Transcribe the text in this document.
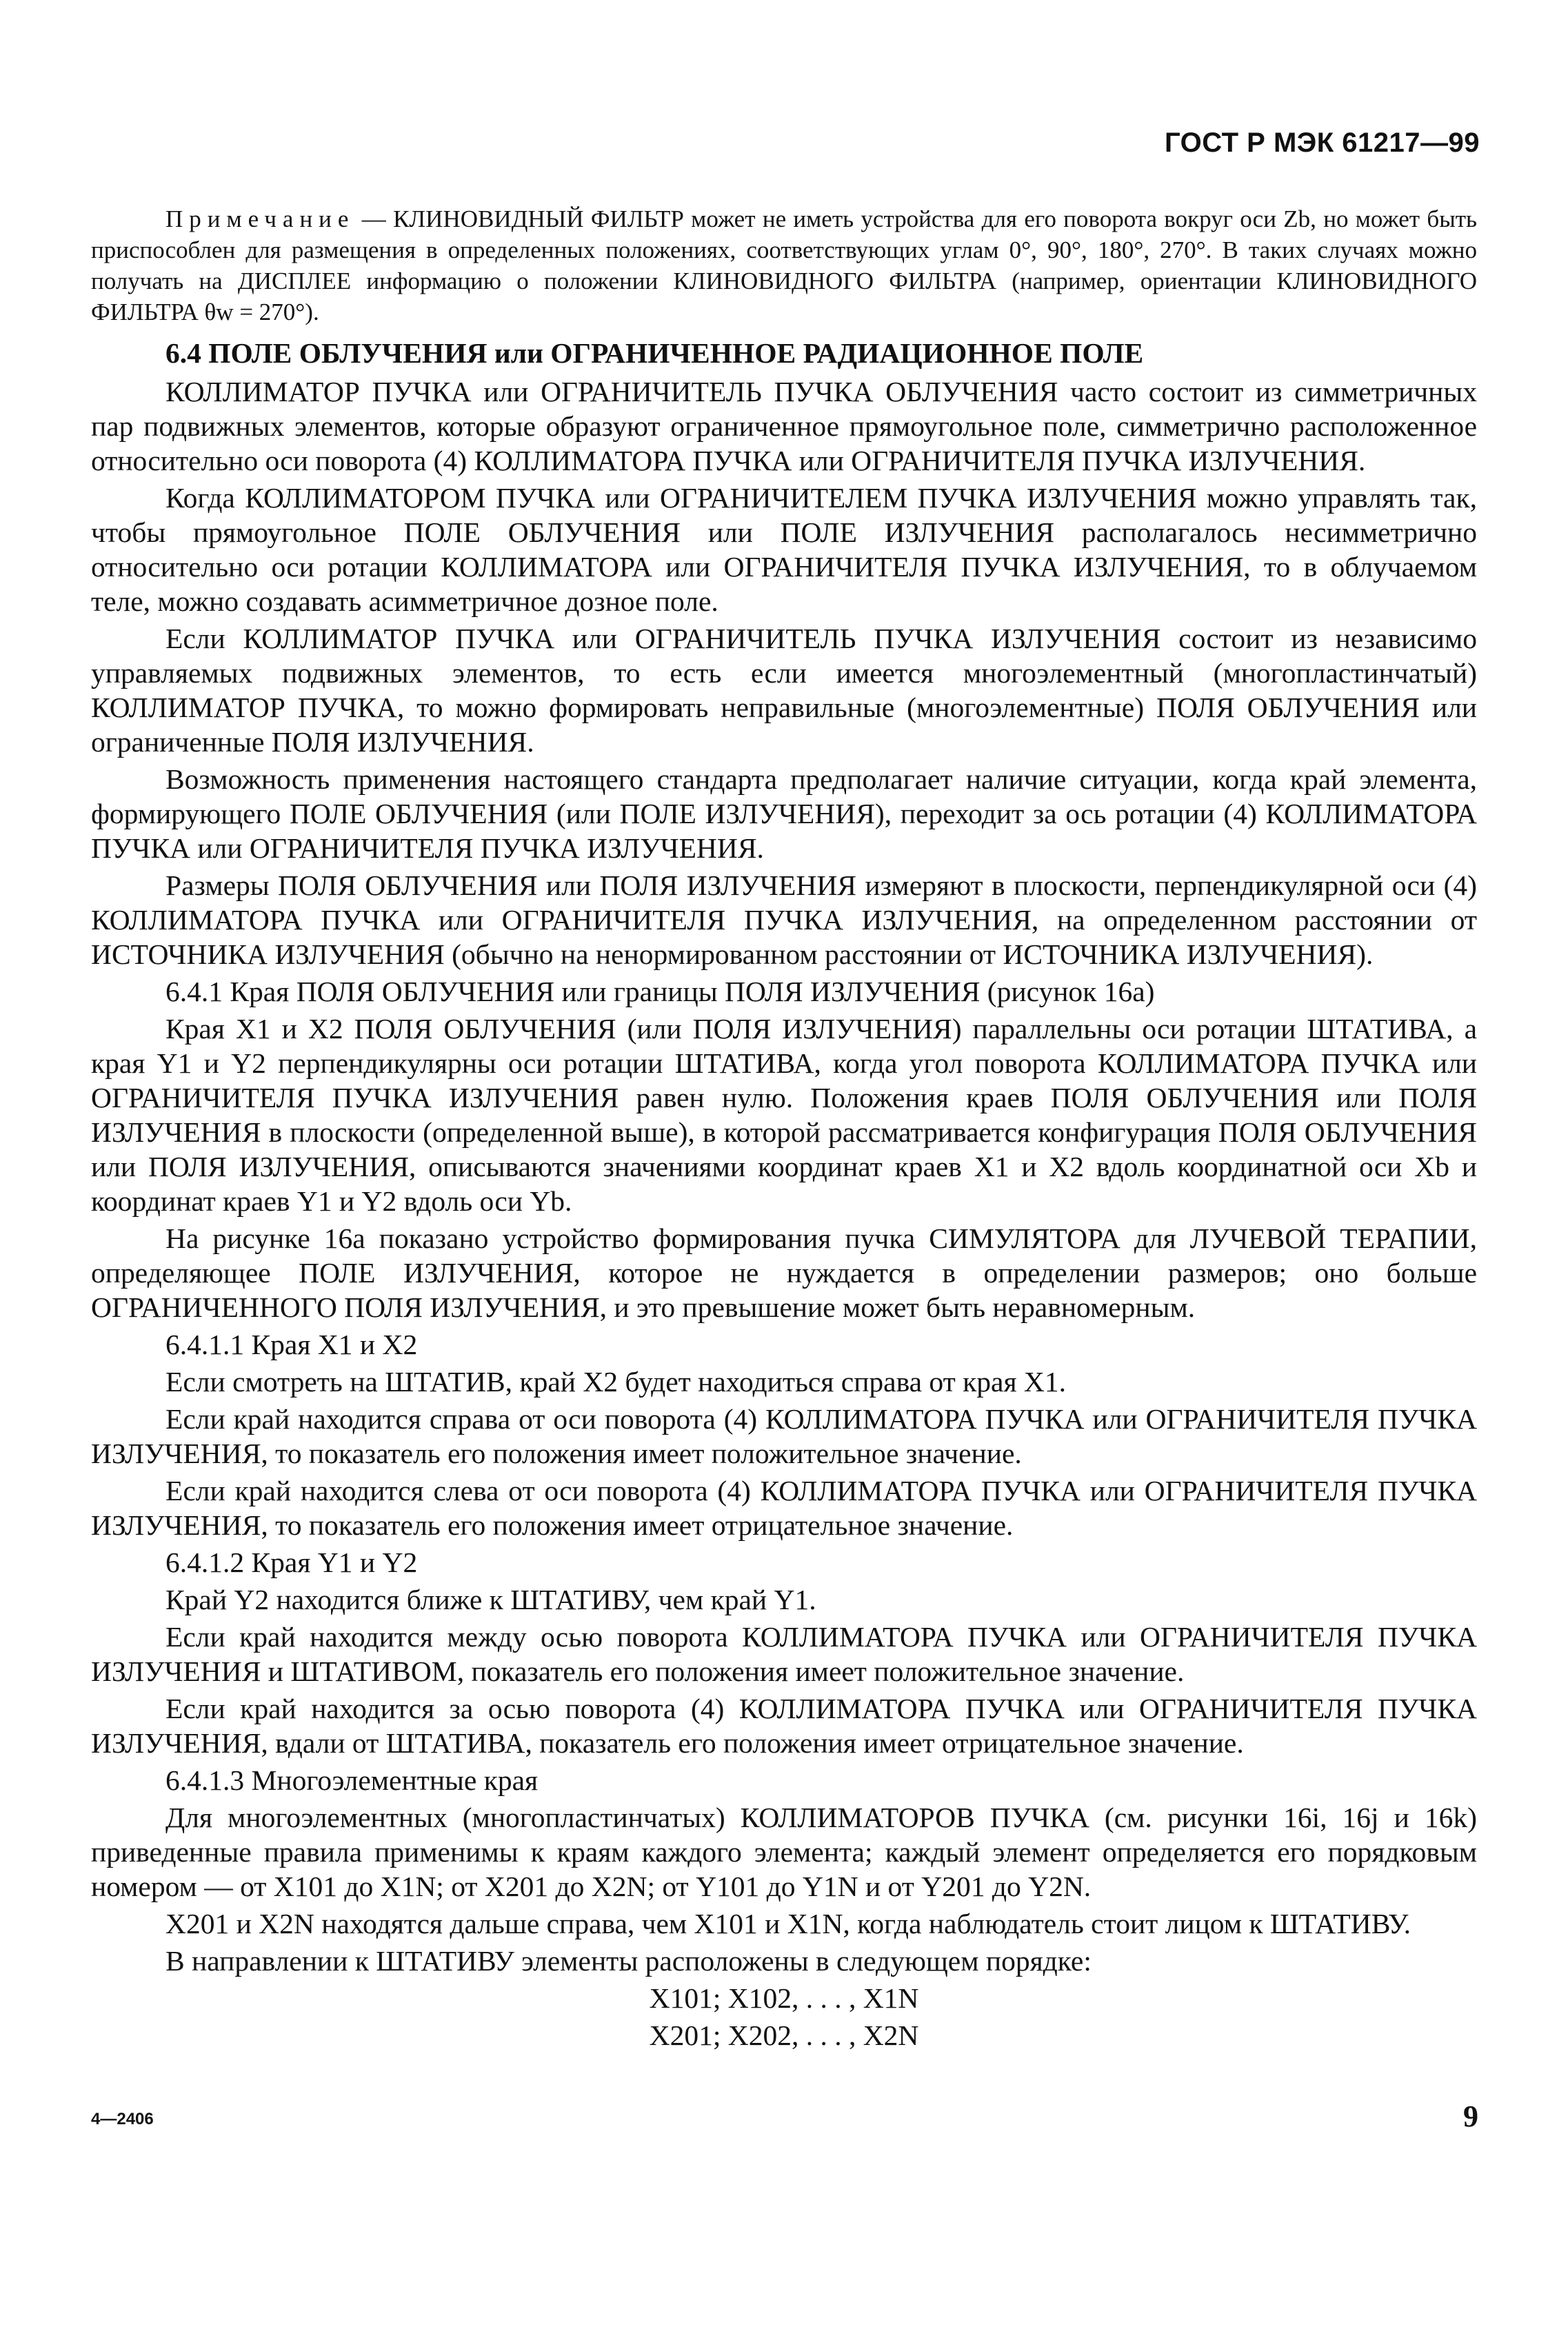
ГОСТ Р МЭК 61217—99

Примечание — КЛИНОВИДНЫЙ ФИЛЬТР может не иметь устройства для его поворота вокруг оси Zb, но может быть приспособлен для размещения в определенных положениях, соответствующих углам 0°, 90°, 180°, 270°. В таких случаях можно получать на ДИСПЛЕЕ информацию о положении КЛИНОВИДНОГО ФИЛЬТРА (например, ориентации КЛИНОВИДНОГО ФИЛЬТРА θw = 270°).

6.4 ПОЛЕ ОБЛУЧЕНИЯ или ОГРАНИЧЕННОЕ РАДИАЦИОННОЕ ПОЛЕ

КОЛЛИМАТОР ПУЧКА или ОГРАНИЧИТЕЛЬ ПУЧКА ОБЛУЧЕНИЯ часто состоит из симметричных пар подвижных элементов, которые образуют ограниченное прямоугольное поле, симметрично расположенное относительно оси поворота (4) КОЛЛИМАТОРА ПУЧКА или ОГРАНИЧИТЕЛЯ ПУЧКА ИЗЛУЧЕНИЯ.

Когда КОЛЛИМАТОРОМ ПУЧКА или ОГРАНИЧИТЕЛЕМ ПУЧКА ИЗЛУЧЕНИЯ можно управлять так, чтобы прямоугольное ПОЛЕ ОБЛУЧЕНИЯ или ПОЛЕ ИЗЛУЧЕНИЯ располагалось несимметрично относительно оси ротации КОЛЛИМАТОРА или ОГРАНИЧИТЕЛЯ ПУЧКА ИЗЛУЧЕНИЯ, то в облучаемом теле, можно создавать асимметричное дозное поле.

Если КОЛЛИМАТОР ПУЧКА или ОГРАНИЧИТЕЛЬ ПУЧКА ИЗЛУЧЕНИЯ состоит из независимо управляемых подвижных элементов, то есть если имеется многоэлементный (многопластинчатый) КОЛЛИМАТОР ПУЧКА, то можно формировать неправильные (многоэлементные) ПОЛЯ ОБЛУЧЕНИЯ или ограниченные ПОЛЯ ИЗЛУЧЕНИЯ.

Возможность применения настоящего стандарта предполагает наличие ситуации, когда край элемента, формирующего ПОЛЕ ОБЛУЧЕНИЯ (или ПОЛЕ ИЗЛУЧЕНИЯ), переходит за ось ротации (4) КОЛЛИМАТОРА ПУЧКА или ОГРАНИЧИТЕЛЯ ПУЧКА ИЗЛУЧЕНИЯ.

Размеры ПОЛЯ ОБЛУЧЕНИЯ или ПОЛЯ ИЗЛУЧЕНИЯ измеряют в плоскости, перпендикулярной оси (4) КОЛЛИМАТОРА ПУЧКА или ОГРАНИЧИТЕЛЯ ПУЧКА ИЗЛУЧЕНИЯ, на определенном расстоянии от ИСТОЧНИКА ИЗЛУЧЕНИЯ (обычно на ненормированном расстоянии от ИСТОЧНИКА ИЗЛУЧЕНИЯ).

6.4.1 Края ПОЛЯ ОБЛУЧЕНИЯ или границы ПОЛЯ ИЗЛУЧЕНИЯ (рисунок 16а)

Края X1 и X2 ПОЛЯ ОБЛУЧЕНИЯ (или ПОЛЯ ИЗЛУЧЕНИЯ) параллельны оси ротации ШТАТИВА, а края Y1 и Y2 перпендикулярны оси ротации ШТАТИВА, когда угол поворота КОЛЛИМАТОРА ПУЧКА или ОГРАНИЧИТЕЛЯ ПУЧКА ИЗЛУЧЕНИЯ равен нулю. Положения краев ПОЛЯ ОБЛУЧЕНИЯ или ПОЛЯ ИЗЛУЧЕНИЯ в плоскости (определенной выше), в которой рассматривается конфигурация ПОЛЯ ОБЛУЧЕНИЯ или ПОЛЯ ИЗЛУЧЕНИЯ, описываются значениями координат краев X1 и X2 вдоль координатной оси Xb и координат краев Y1 и Y2 вдоль оси Yb.

На рисунке 16а показано устройство формирования пучка СИМУЛЯТОРА для ЛУЧЕВОЙ ТЕРАПИИ, определяющее ПОЛЕ ИЗЛУЧЕНИЯ, которое не нуждается в определении размеров; оно больше ОГРАНИЧЕННОГО ПОЛЯ ИЗЛУЧЕНИЯ, и это превышение может быть неравномерным.

6.4.1.1 Края X1 и X2

Если смотреть на ШТАТИВ, край X2 будет находиться справа от края X1.

Если край находится справа от оси поворота (4) КОЛЛИМАТОРА ПУЧКА или ОГРАНИЧИТЕЛЯ ПУЧКА ИЗЛУЧЕНИЯ, то показатель его положения имеет положительное значение.

Если край находится слева от оси поворота (4) КОЛЛИМАТОРА ПУЧКА или ОГРАНИЧИТЕЛЯ ПУЧКА ИЗЛУЧЕНИЯ, то показатель его положения имеет отрицательное значение.

6.4.1.2 Края Y1 и Y2

Край Y2 находится ближе к ШТАТИВУ, чем край Y1.

Если край находится между осью поворота КОЛЛИМАТОРА ПУЧКА или ОГРАНИЧИТЕЛЯ ПУЧКА ИЗЛУЧЕНИЯ и ШТАТИВОМ, показатель его положения имеет положительное значение.

Если край находится за осью поворота (4) КОЛЛИМАТОРА ПУЧКА или ОГРАНИЧИТЕЛЯ ПУЧКА ИЗЛУЧЕНИЯ, вдали от ШТАТИВА, показатель его положения имеет отрицательное значение.

6.4.1.3 Многоэлементные края

Для многоэлементных (многопластинчатых) КОЛЛИМАТОРОВ ПУЧКА (см. рисунки 16i, 16j и 16k) приведенные правила применимы к краям каждого элемента; каждый элемент определяется его порядковым номером — от X101 до X1N; от X201 до X2N; от Y101 до Y1N и от Y201 до Y2N.

X201 и X2N находятся дальше справа, чем X101 и X1N, когда наблюдатель стоит лицом к ШТАТИВУ.

В направлении к ШТАТИВУ элементы расположены в следующем порядке:

X101; X102, . . . , X1N

X201; X202, . . . , X2N

4—2406	9
